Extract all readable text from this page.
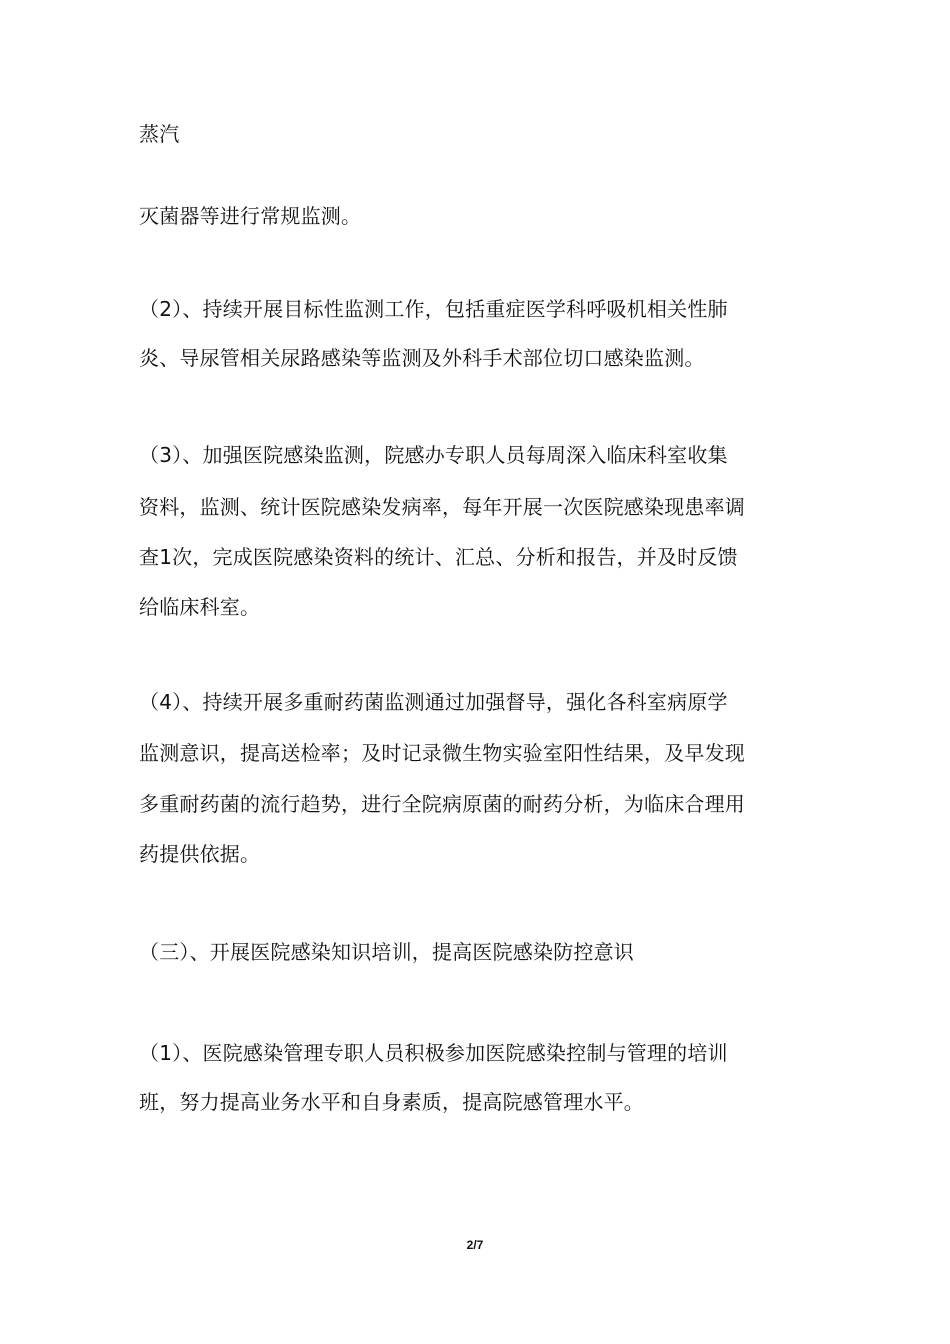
蒸汽
灭菌器等进行常规监测。
（2）、持续开展目标性监测工作，包括重症医学科呼吸机相关性肺
炎、导尿管相关尿路感染等监测及外科手术部位切口感染监测。
（3）、加强医院感染监测，院感办专职人员每周深入临床科室收集
资料，监测、统计医院感染发病率，每年开展一次医院感染现患率调
查1次，完成医院感染资料的统计、汇总、分析和报告，并及时反馈
给临床科室。
（4）、持续开展多重耐药菌监测通过加强督导，强化各科室病原学
监测意识，提高送检率；及时记录微生物实验室阳性结果，及早发现
多重耐药菌的流行趋势，进行全院病原菌的耐药分析，为临床合理用
药提供依据。
（三）、开展医院感染知识培训，提高医院感染防控意识
（1）、医院感染管理专职人员积极参加医院感染控制与管理的培训
班，努力提高业务水平和自身素质，提高院感管理水平。
2/7
